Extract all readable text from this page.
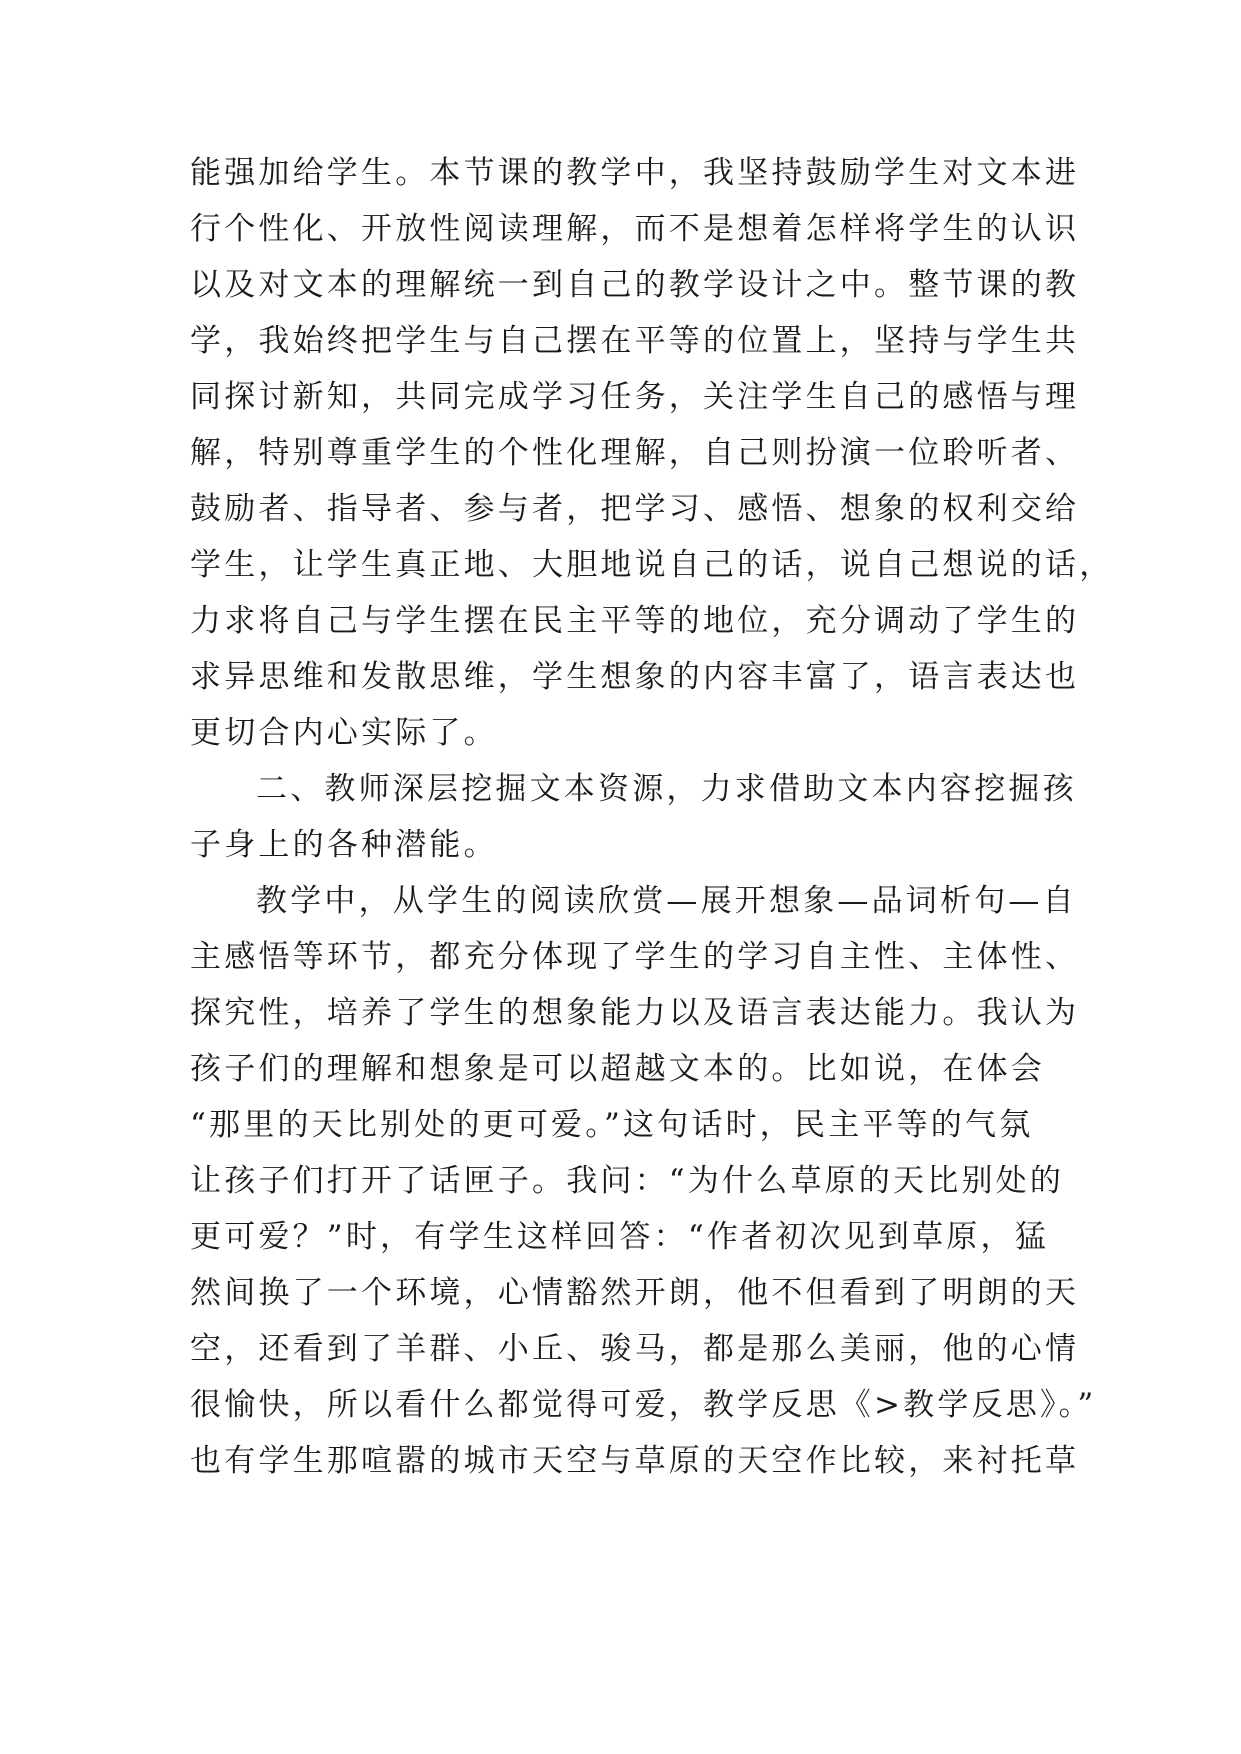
能强加给学生。本节课的教学中，我坚持鼓励学生对文本进
行个性化、开放性阅读理解，而不是想着怎样将学生的认识
以及对文本的理解统一到自己的教学设计之中。整节课的教
学，我始终把学生与自己摆在平等的位置上，坚持与学生共
同探讨新知，共同完成学习任务，关注学生自己的感悟与理
解，特别尊重学生的个性化理解，自己则扮演一位聆听者、
鼓励者、指导者、参与者，把学习、感悟、想象的权利交给
学生，让学生真正地、大胆地说自己的话，说自己想说的话，
力求将自己与学生摆在民主平等的地位，充分调动了学生的
求异思维和发散思维，学生想象的内容丰富了，语言表达也
更切合内心实际了。
二、教师深层挖掘文本资源，力求借助文本内容挖掘孩
子身上的各种潜能。
教学中，从学生的阅读欣赏—展开想象—品词析句—自
主感悟等环节，都充分体现了学生的学习自主性、主体性、
探究性，培养了学生的想象能力以及语言表达能力。我认为
孩子们的理解和想象是可以超越文本的。比如说，在体会
“那里的天比别处的更可爱。”这句话时，民主平等的气氛
让孩子们打开了话匣子。我问：“为什么草原的天比别处的
更可爱？”时，有学生这样回答：“作者初次见到草原，猛
然间换了一个环境，心情豁然开朗，他不但看到了明朗的天
空，还看到了羊群、小丘、骏马，都是那么美丽，他的心情
很愉快，所以看什么都觉得可爱，教学反思《>教学反思》。”
也有学生那喧嚣的城市天空与草原的天空作比较，来衬托草
